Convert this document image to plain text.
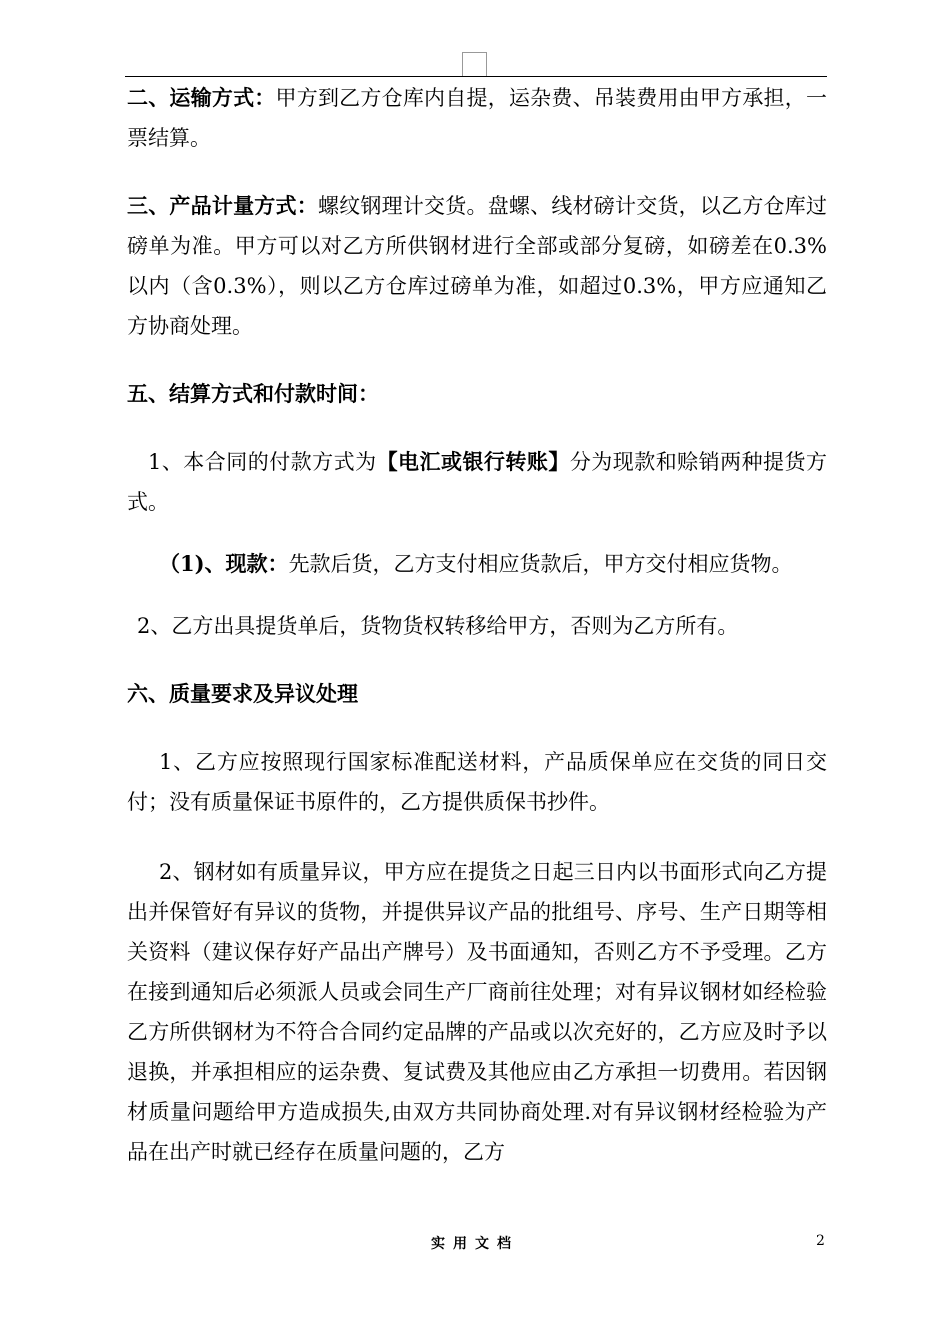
二、运输方式：甲方到乙方仓库内自提，运杂费、吊装费用由甲方承担，一票结算。

三、产品计量方式：螺纹钢理计交货。盘螺、线材磅计交货，以乙方仓库过磅单为准。甲方可以对乙方所供钢材进行全部或部分复磅，如磅差在0.3%以内（含0.3%），则以乙方仓库过磅单为准，如超过0.3%，甲方应通知乙方协商处理。

五、结算方式和付款时间：

1、本合同的付款方式为【电汇或银行转账】分为现款和赊销两种提货方式。

（1)、现款：先款后货，乙方支付相应货款后，甲方交付相应货物。

2、乙方出具提货单后，货物货权转移给甲方，否则为乙方所有。

六、质量要求及异议处理

1、乙方应按照现行国家标准配送材料，产品质保单应在交货的同日交付；没有质量保证书原件的，乙方提供质保书抄件。

2、钢材如有质量异议，甲方应在提货之日起三日内以书面形式向乙方提出并保管好有异议的货物，并提供异议产品的批组号、序号、生产日期等相关资料（建议保存好产品出产牌号）及书面通知，否则乙方不予受理。乙方在接到通知后必须派人员或会同生产厂商前往处理；对有异议钢材如经检验乙方所供钢材为不符合合同约定品牌的产品或以次充好的，乙方应及时予以退换，并承担相应的运杂费、复试费及其他应由乙方承担一切费用。若因钢材质量问题给甲方造成损失,由双方共同协商处理.对有异议钢材经检验为产品在出产时就已经存在质量问题的，乙方

实用文档	2
